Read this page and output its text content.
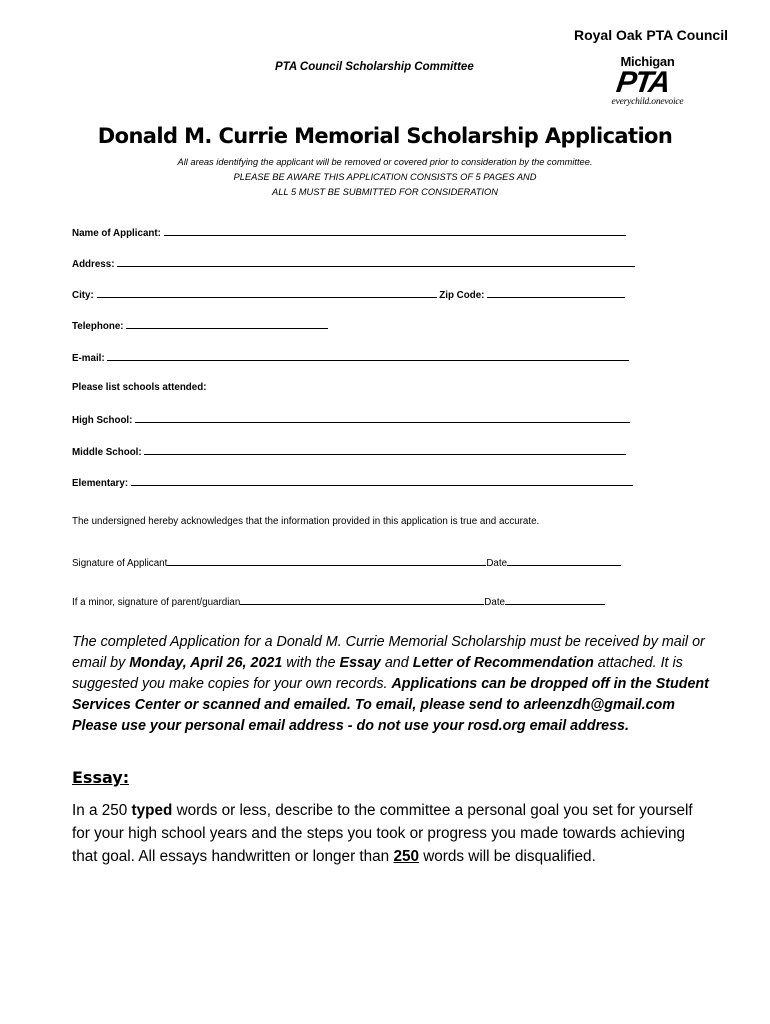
Royal Oak PTA Council
PTA Council Scholarship Committee	Michigan
PTA
everychild.onevoice
Donald M. Currie Memorial Scholarship Application
All areas identifying the applicant will be removed or covered prior to consideration by the committee.
PLEASE BE AWARE THIS APPLICATION CONSISTS OF 5 PAGES AND
ALL 5 MUST BE SUBMITTED FOR CONSIDERATION
Name of Applicant:
Address:
City:	Zip Code:
Telephone:
E-mail:
Please list schools attended:
High School:
Middle School:
Elementary:
The undersigned hereby acknowledges that the information provided in this application is true and accurate.
Signature of Applicant	Date
If a minor, signature of parent/guardian	Date
The completed Application for a Donald M. Currie Memorial Scholarship must be received by mail or email by Monday, April 26, 2021 with the Essay and Letter of Recommendation attached. It is suggested you make copies for your own records. Applications can be dropped off in the Student Services Center or scanned and emailed. To email, please send to arleenzdh@gmail.com Please use your personal email address - do not use your rosd.org email address.
Essay:
In a 250 typed words or less, describe to the committee a personal goal you set for yourself for your high school years and the steps you took or progress you made towards achieving that goal. All essays handwritten or longer than 250 words will be disqualified.
